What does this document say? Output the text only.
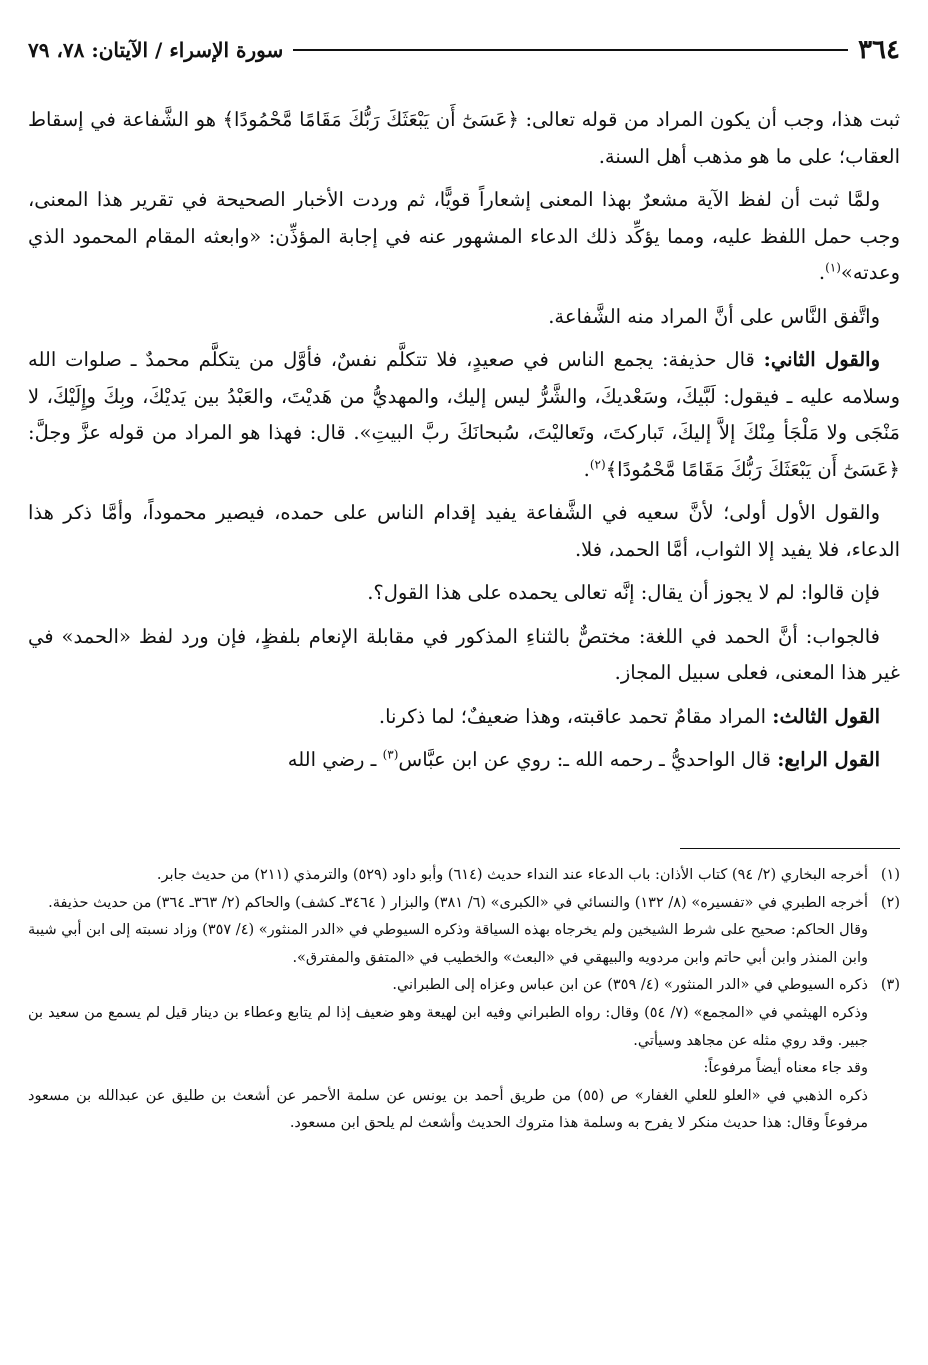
٣٦٤
سورة الإسراء / الآيتان: ٧٨، ٧٩

ثبت هذا، وجب أن يكون المراد من قوله تعالى: ﴿عَسَىٰٓ أَن يَبْعَثَكَ رَبُّكَ مَقَامًا مَّحْمُودًا﴾ هو الشَّفاعة في إسقاط العقاب؛ على ما هو مذهب أهل السنة.

ولمَّا ثبت أن لفظ الآية مشعرٌ بهذا المعنى إشعاراً قويًّا، ثم وردت الأخبار الصحيحة في تقرير هذا المعنى، وجب حمل اللفظ عليه، ومما يؤكِّد ذلك الدعاء المشهور عنه في إجابة المؤذِّن: «وابعثه المقام المحمود الذي وعدته»$^{(١)}$.

واتَّفق النَّاس على أنَّ المراد منه الشَّفاعة.

والقول الثاني: قال حذيفة: يجمع الناس في صعيدٍ، فلا تتكلَّم نفسٌ، فأوَّل من يتكلَّم محمدٌ ـ صلوات الله وسلامه عليه ـ فيقول: لَبَّيكَ، وسَعْديكَ، والشَّرُّ ليس إليك، والمهديُّ من هَديْتَ، والعَبْدُ بين يَديْكَ، وبِكَ وإِلَيْكَ، لا مَنْجَى ولا مَلْجَأ مِنْكَ إلاَّ إليكَ، تَباركتَ، وتَعاليْتَ، سُبحانَكَ ربَّ البيتِ». قال: فهذا هو المراد من قوله عزَّ وجلَّ: ﴿عَسَىٰٓ أَن يَبْعَثَكَ رَبُّكَ مَقَامًا مَّحْمُودًا﴾$^{(٢)}$.

والقول الأول أولى؛ لأنَّ سعيه في الشَّفاعة يفيد إقدام الناس على حمده، فيصير محموداً، وأمَّا ذكر هذا الدعاء، فلا يفيد إلا الثواب، أمَّا الحمد، فلا.

فإن قالوا: لم لا يجوز أن يقال: إنَّه تعالى يحمده على هذا القول؟.

فالجواب: أنَّ الحمد في اللغة: مختصٌّ بالثناءِ المذكور في مقابلة الإنعام بلفظٍ، فإن ورد لفظ «الحمد» في غير هذا المعنى، فعلى سبيل المجاز.

القول الثالث: المراد مقامٌ تحمد عاقبته، وهذا ضعيفٌ؛ لما ذكرنا.

القول الرابع: قال الواحديُّ ـ رحمه الله ـ: روي عن ابن عبَّاس$^{(٣)}$ ـ رضي الله

(١)
أخرجه البخاري (٢/ ٩٤) كتاب الأذان: باب الدعاء عند النداء حديث (٦١٤) وأبو داود (٥٢٩) والترمذي (٢١١) من حديث جابر.
(٢)
أخرجه الطبري في «تفسيره» (٨/ ١٣٢) والنسائي في «الكبرى» (٦/ ٣٨١) والبزار ( ٣٤٦٤ـ كشف) والحاكم (٢/ ٣٦٣ـ ٣٦٤) من حديث حذيفة.

وقال الحاكم: صحيح على شرط الشيخين ولم يخرجاه بهذه السياقة وذكره السيوطي في «الدر المنثور» (٤/ ٣٥٧) وزاد نسبته إلى ابن أبي شيبة وابن المنذر وابن أبي حاتم وابن مردويه والبيهقي في «البعث» والخطيب في «المتفق والمفترق».

(٣)
ذكره السيوطي في «الدر المنثور» (٤/ ٣٥٩) عن ابن عباس وعزاه إلى الطبراني.

وذكره الهيثمي في «المجمع» (٧/ ٥٤) وقال: رواه الطبراني وفيه ابن لهيعة وهو ضعيف إذا لم يتابع وعطاء بن دينار قيل لم يسمع من سعيد بن جبير. وقد روي مثله عن مجاهد وسيأتي.

وقد جاء معناه أيضاً مرفوعاً:

ذكره الذهبي في «العلو للعلي الغفار» ص (٥٥) من طريق أحمد بن يونس عن سلمة الأحمر عن أشعث بن طليق عن عبدالله بن مسعود مرفوعاً وقال: هذا حديث منكر لا يفرح به وسلمة هذا متروك الحديث وأشعث لم يلحق ابن مسعود.
